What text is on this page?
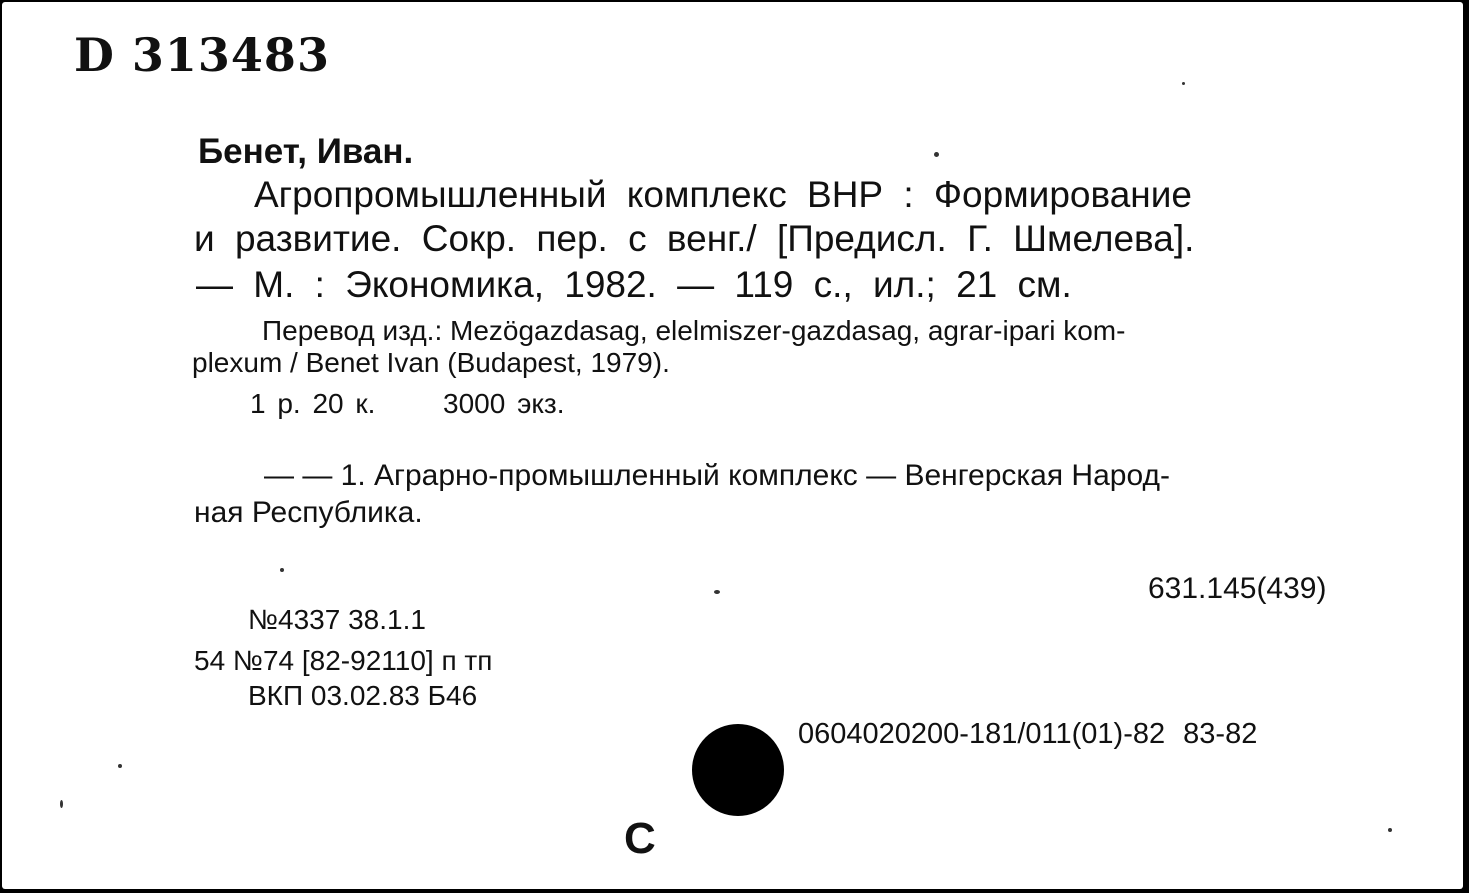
D 313483
Бенет, Иван.
Агропромышленный комплекс ВНР : Формирование
и развитие. Сокр. пер. с венг./ [Предисл. Г. Шмелева].
— М. : Экономика, 1982. — 119 с., ил.; 21 см.
Перевод изд.: Mezögazdasag, elelmiszer-gazdasag, agrar-ipari kom-
plexum / Benet Ivan (Budapest, 1979).
1 р. 20 к. 3000 экз.
— — 1. Аграрно-промышленный комплекс — Венгерская Народ-
ная Республика.
631.145(439)
№4337 38.1.1
54 №74 [82-92110] п тп
ВКП 03.02.83 Б46
0604020200-181/011(01)-82 83-82
С
